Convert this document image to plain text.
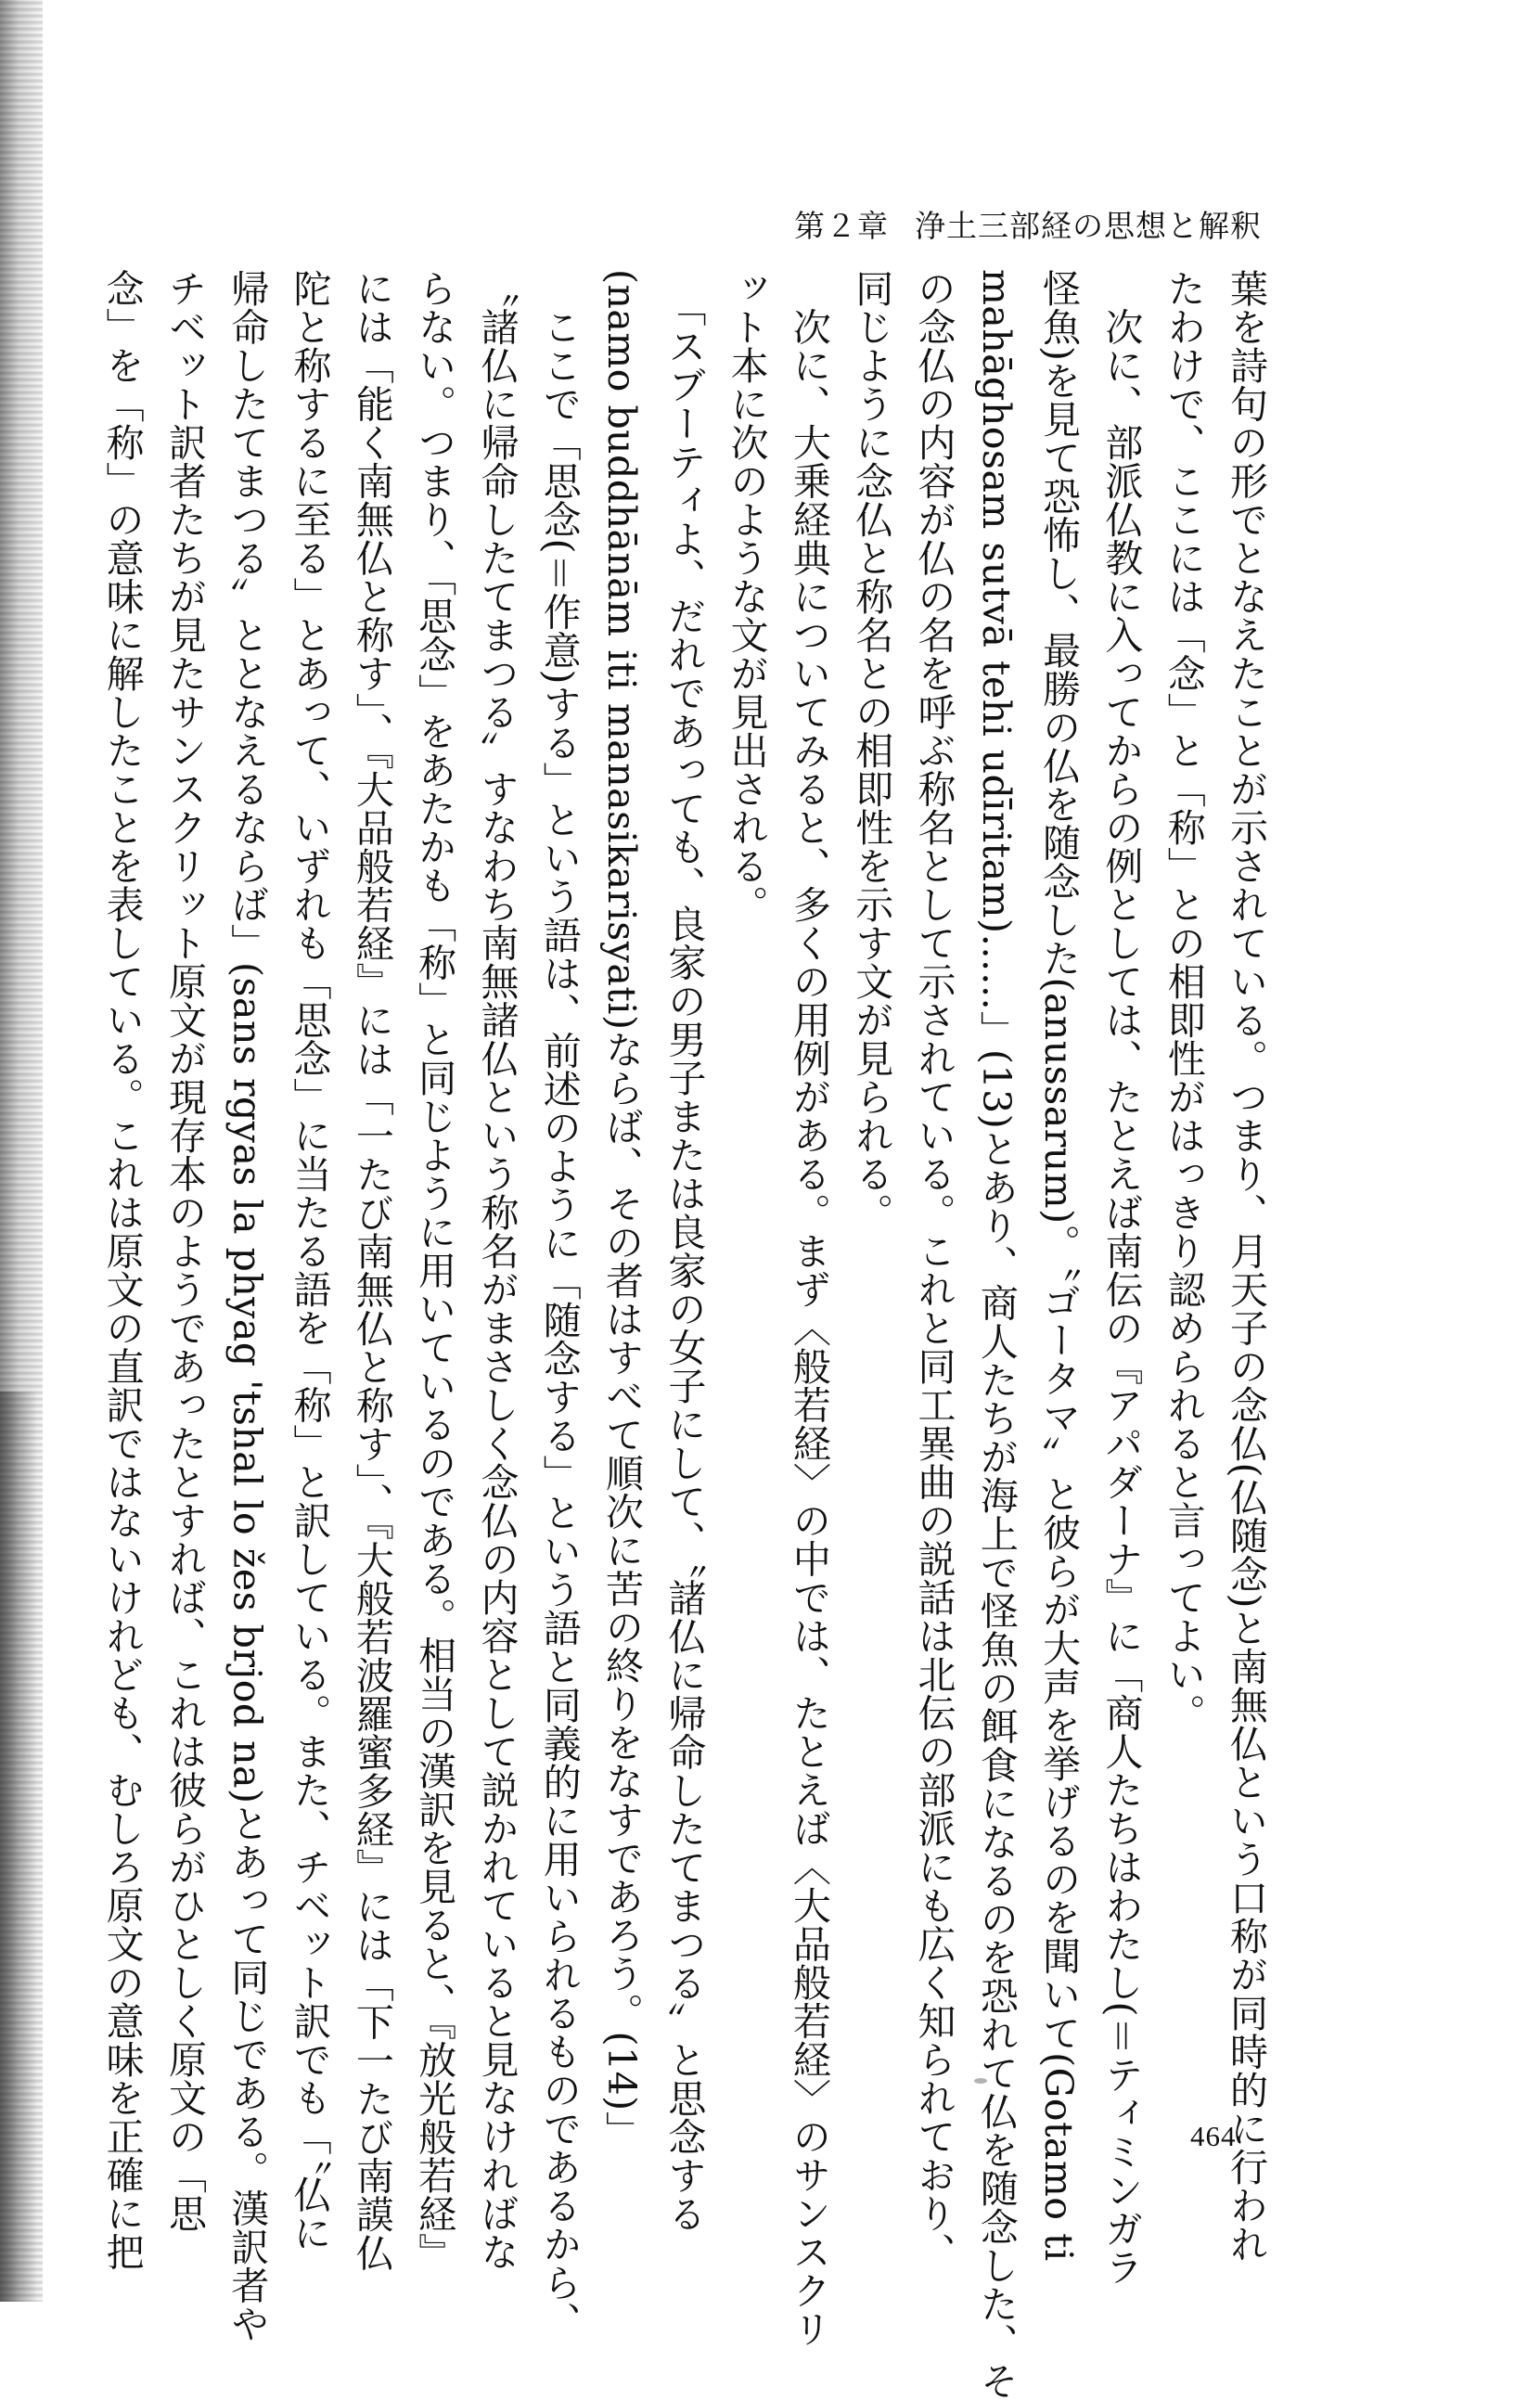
第２章 浄土三部経の思想と解釈
葉を詩句の形でとなえたことが示されている。つまり、月天子の念仏(仏随念)と南無仏という口称が同時的に行われ
たわけで、ここには「念」と「称」との相即性がはっきり認められると言ってよい。
　次に、部派仏教に入ってからの例としては、たとえば南伝の『アパダーナ』に「商人たちはわたし(＝ティミンガラ
怪魚)を見て恐怖し、最勝の仏を随念した(anussarum)。〝ゴータマ〟と彼らが大声を挙げるのを聞いて(Gotamo ti
mahāghosam sutvā tehi udīritam)……」(13)とあり、商人たちが海上で怪魚の餌食になるのを恐れて仏を随念した、そ
の念仏の内容が仏の名を呼ぶ称名として示されている。これと同工異曲の説話は北伝の部派にも広く知られており、
同じように念仏と称名との相即性を示す文が見られる。
　次に、大乗経典についてみると、多くの用例がある。まず〈般若経〉の中では、たとえば〈大品般若経〉のサンスクリ
ット本に次のような文が見出される。
　「スブーティよ、だれであっても、良家の男子または良家の女子にして、〝諸仏に帰命したてまつる〟と思念する
(namo buddhānām iti manasikarisyati)ならば、その者はすべて順次に苦の終りをなすであろう。(14)」
　ここで「思念(＝作意)する」という語は、前述のように「随念する」という語と同義的に用いられるものであるから、
〝諸仏に帰命したてまつる〟すなわち南無諸仏という称名がまさしく念仏の内容として説かれていると見なければな
らない。つまり、「思念」をあたかも「称」と同じように用いているのである。相当の漢訳を見ると、『放光般若経』
には「能く南無仏と称す」、『大品般若経』には「一たび南無仏と称す」、『大般若波羅蜜多経』には「下一たび南謨仏
陀と称するに至る」とあって、いずれも「思念」に当たる語を「称」と訳している。また、チベット訳でも「〝仏に
帰命したてまつる〟ととなえるならば」(sans rgyas la phyag 'tshal lo žes brjod na)とあって同じである。漢訳者や
チベット訳者たちが見たサンスクリット原文が現存本のようであったとすれば、これは彼らがひとしく原文の「思
念」を「称」の意味に解したことを表している。これは原文の直訳ではないけれども、むしろ原文の意味を正確に把	464
